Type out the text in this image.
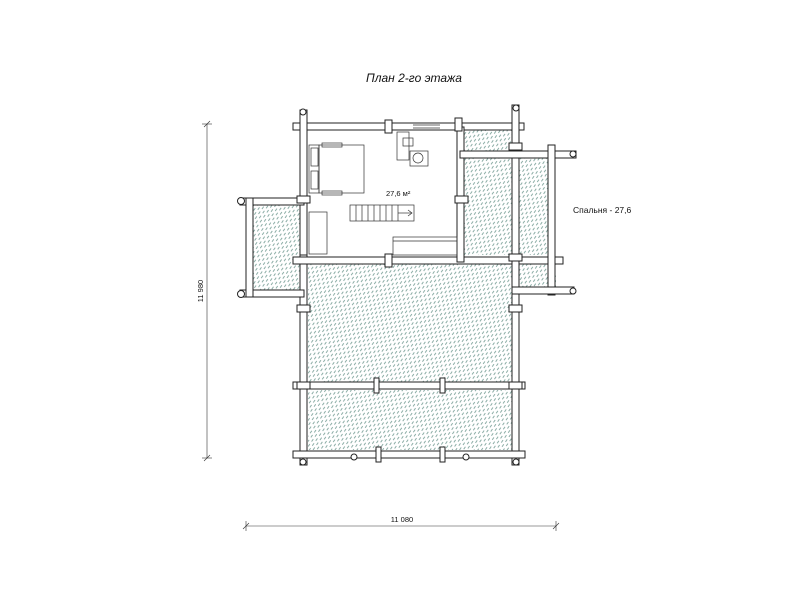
План 2-го этажа
27,6 м²
Спальня - 27,6
11 080
11 980
